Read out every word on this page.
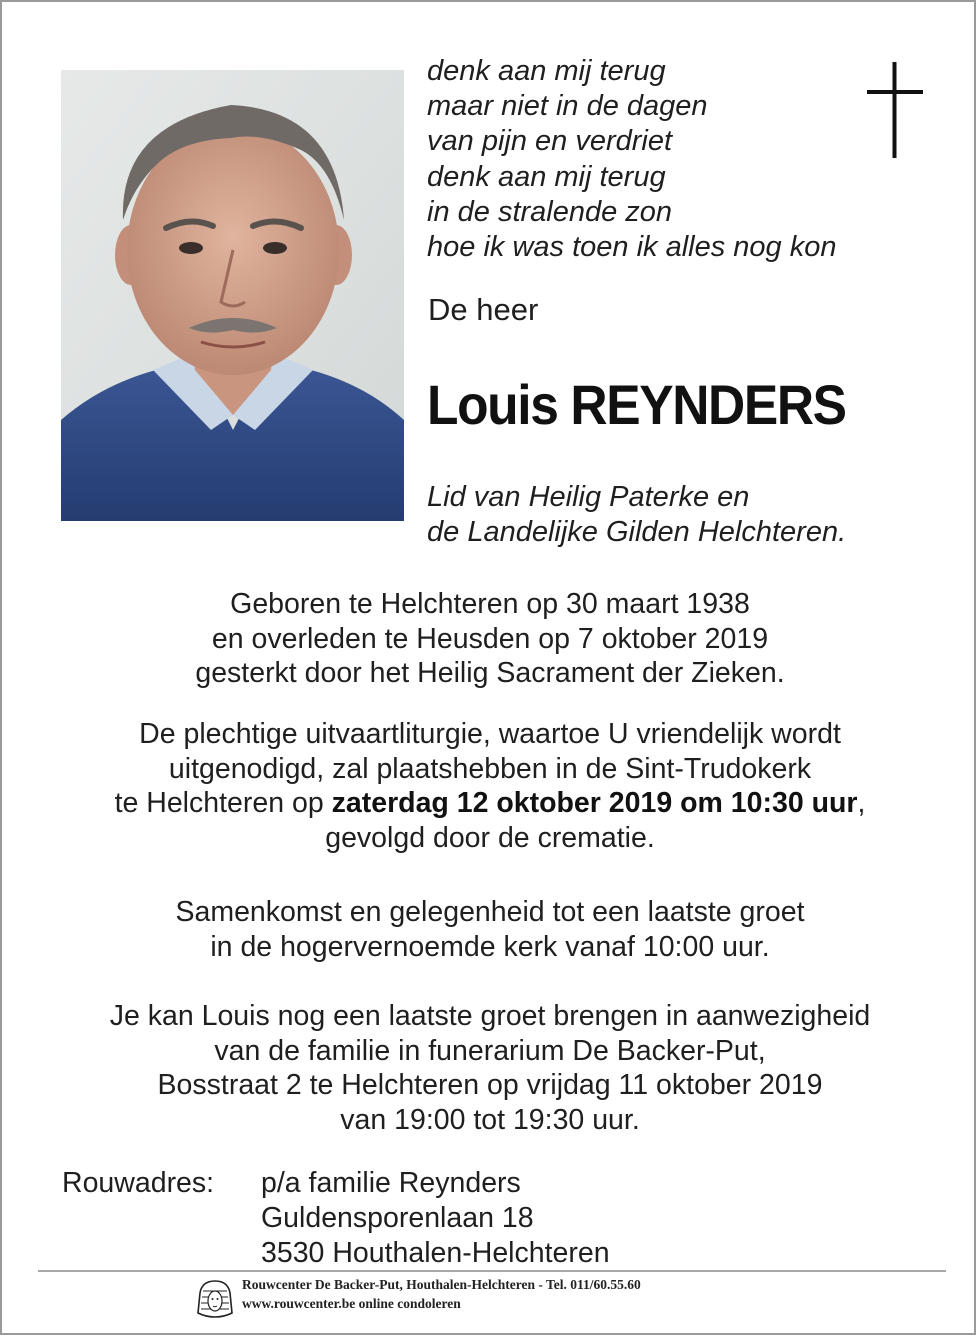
denk aan mij terug
maar niet in de dagen
van pijn en verdriet
denk aan mij terug
in de stralende zon
hoe ik was toen ik alles nog kon
De heer
Louis REYNDERS
Lid van Heilig Paterke en
de Landelijke Gilden Helchteren.
Geboren te Helchteren op 30 maart 1938
en overleden te Heusden op 7 oktober 2019
gesterkt door het Heilig Sacrament der Zieken.
De plechtige uitvaartliturgie, waartoe U vriendelijk wordt
uitgenodigd, zal plaatshebben in de Sint-Trudokerk
te Helchteren op zaterdag 12 oktober 2019 om 10:30 uur,
gevolgd door de crematie.
Samenkomst en gelegenheid tot een laatste groet
in de hogervernoemde kerk vanaf 10:00 uur.
Je kan Louis nog een laatste groet brengen in aanwezigheid
van de familie in funerarium De Backer-Put,
Bosstraat 2 te Helchteren op vrijdag 11 oktober 2019
van 19:00 tot 19:30 uur.
Rouwadres: p/a familie Reynders
Guldensporenlaan 18
3530 Houthalen-Helchteren
Rouwcenter De Backer-Put, Houthalen-Helchteren - Tel. 011/60.55.60
www.rouwcenter.be online condoleren
